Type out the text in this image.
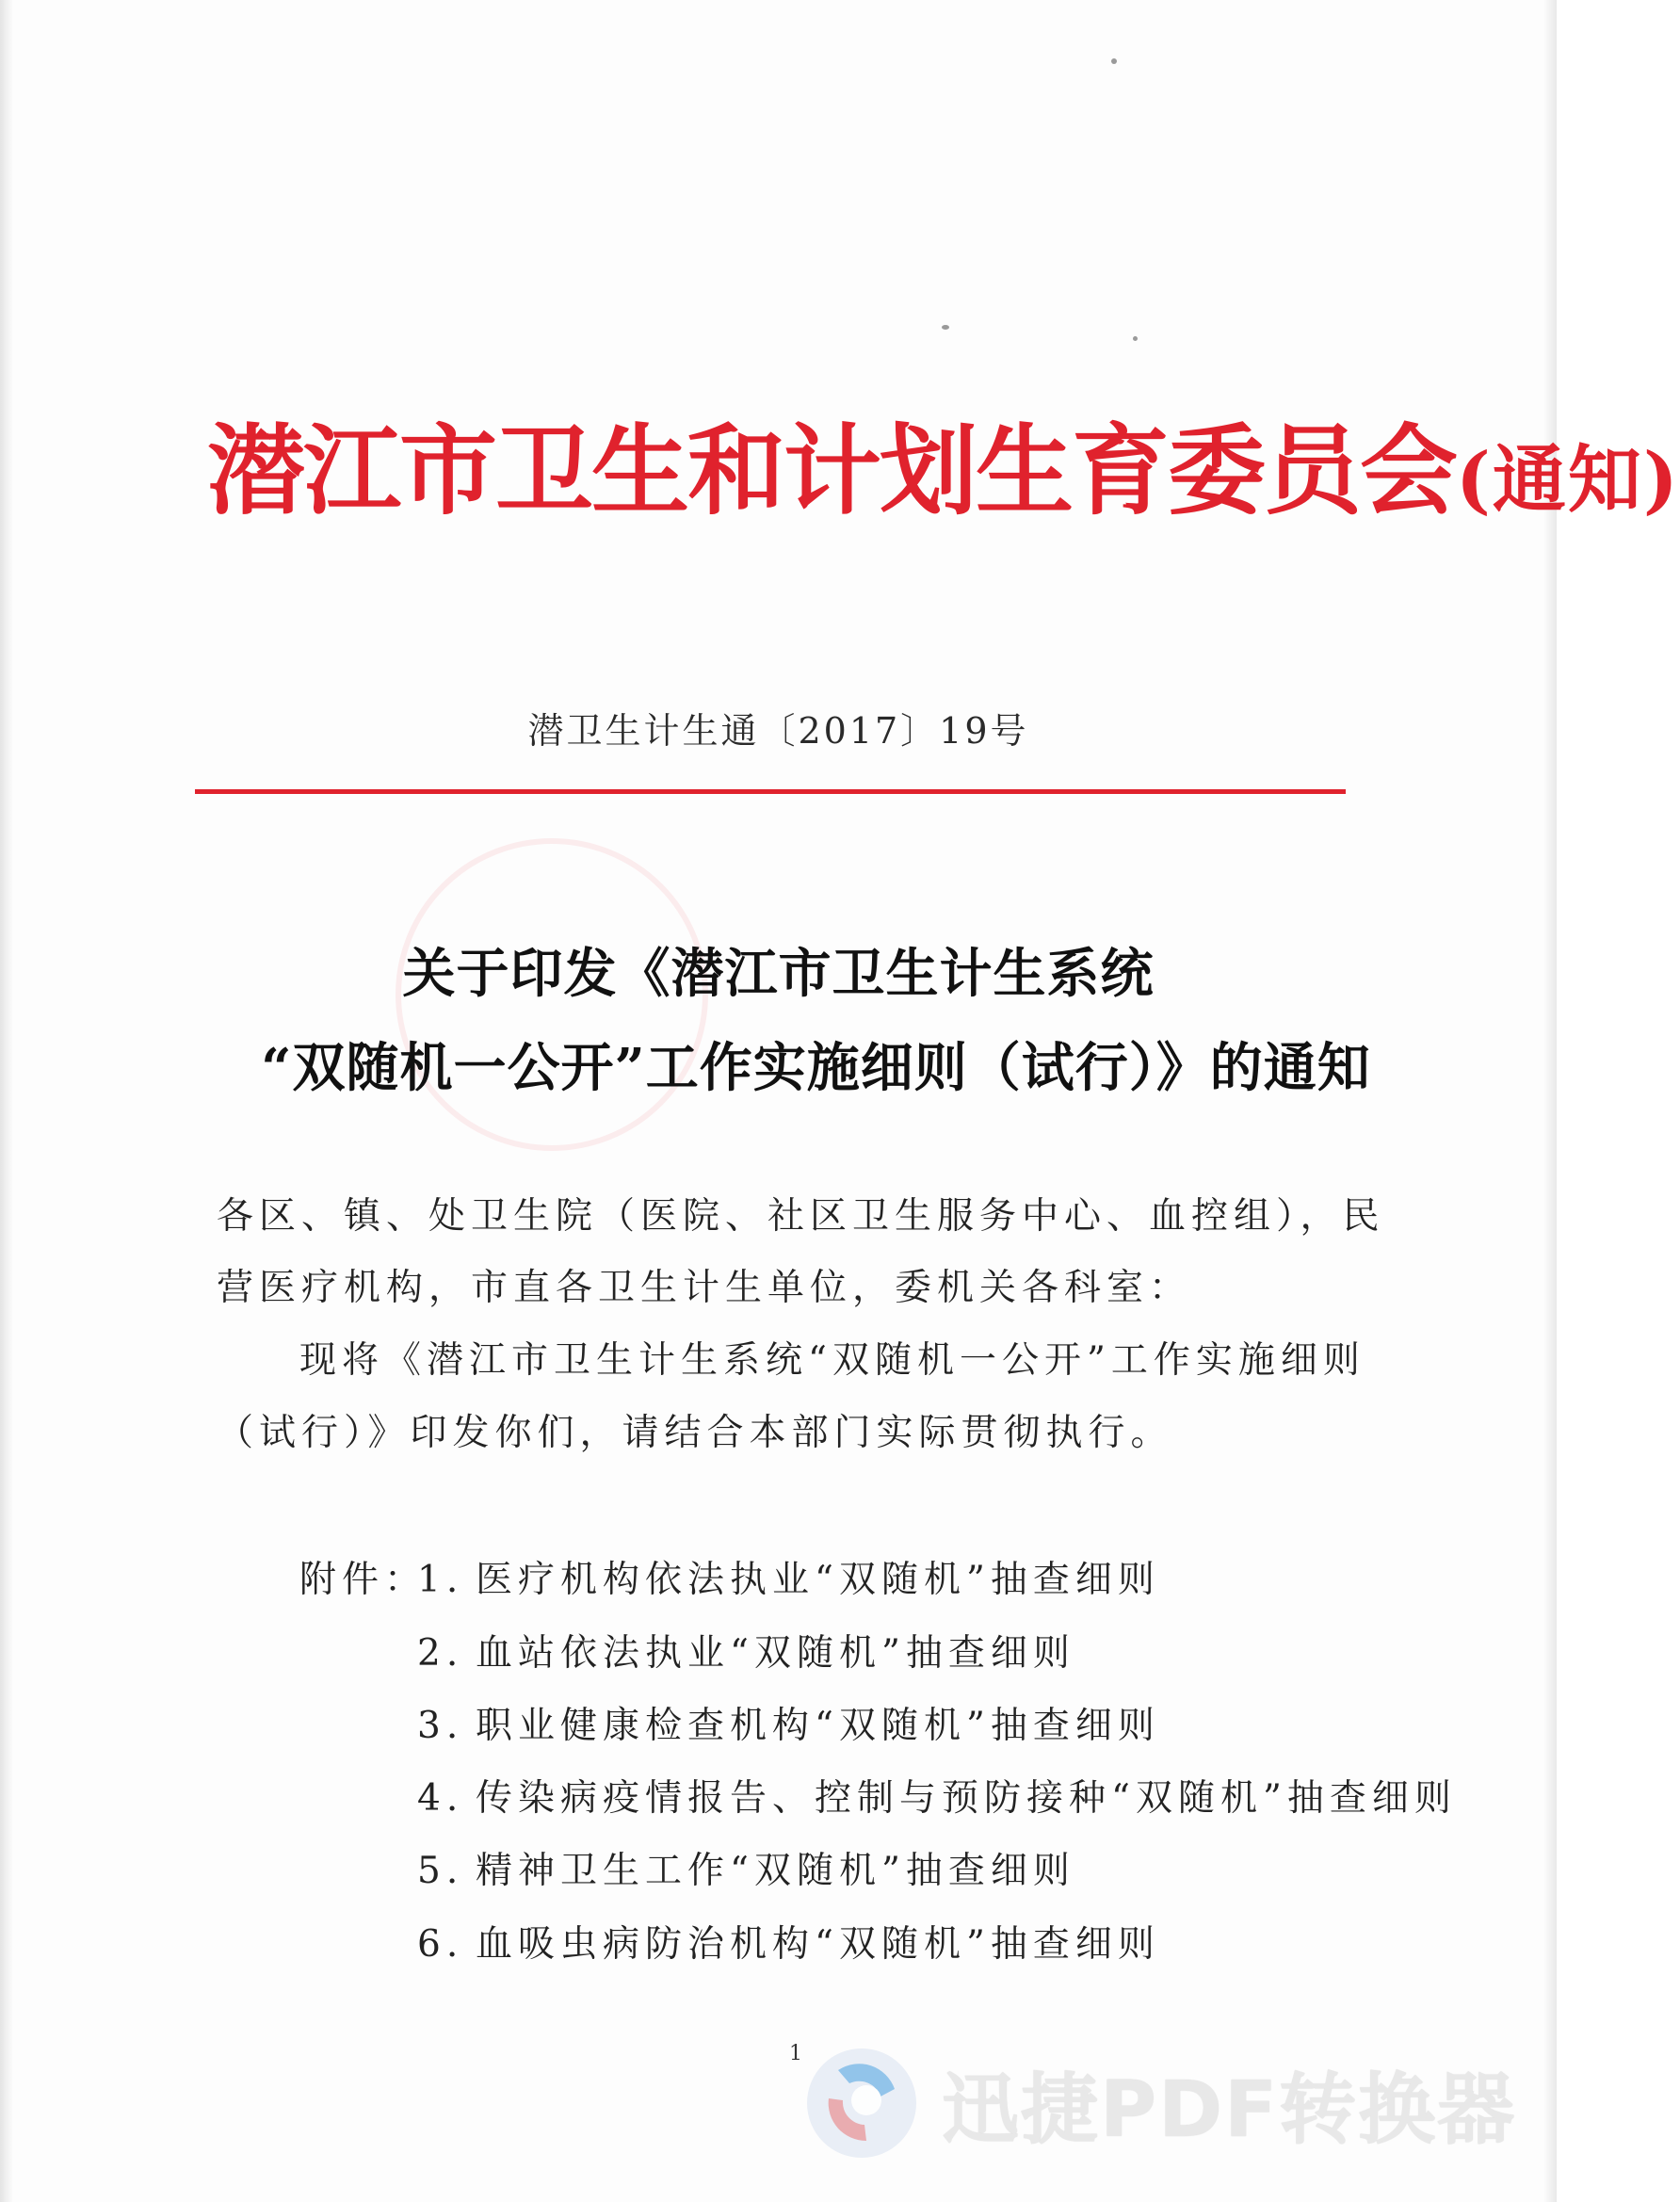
潜江市卫生和计划生育委员会(通知)
潜卫生计生通〔2017〕19号
关于印发《潜江市卫生计生系统
“双随机一公开”工作实施细则（试行）》的通知
各区、镇、处卫生院（医院、社区卫生服务中心、血控组），民
营医疗机构，市直各卫生计生单位，委机关各科室：
现将《潜江市卫生计生系统“双随机一公开”工作实施细则
（试行）》印发你们，请结合本部门实际贯彻执行。
附件：
1. 医疗机构依法执业“双随机”抽查细则
2. 血站依法执业“双随机”抽查细则
3. 职业健康检查机构“双随机”抽查细则
4. 传染病疫情报告、控制与预防接种“双随机”抽查细则
5. 精神卫生工作“双随机”抽查细则
6. 血吸虫病防治机构“双随机”抽查细则
1
迅捷PDF转换器
